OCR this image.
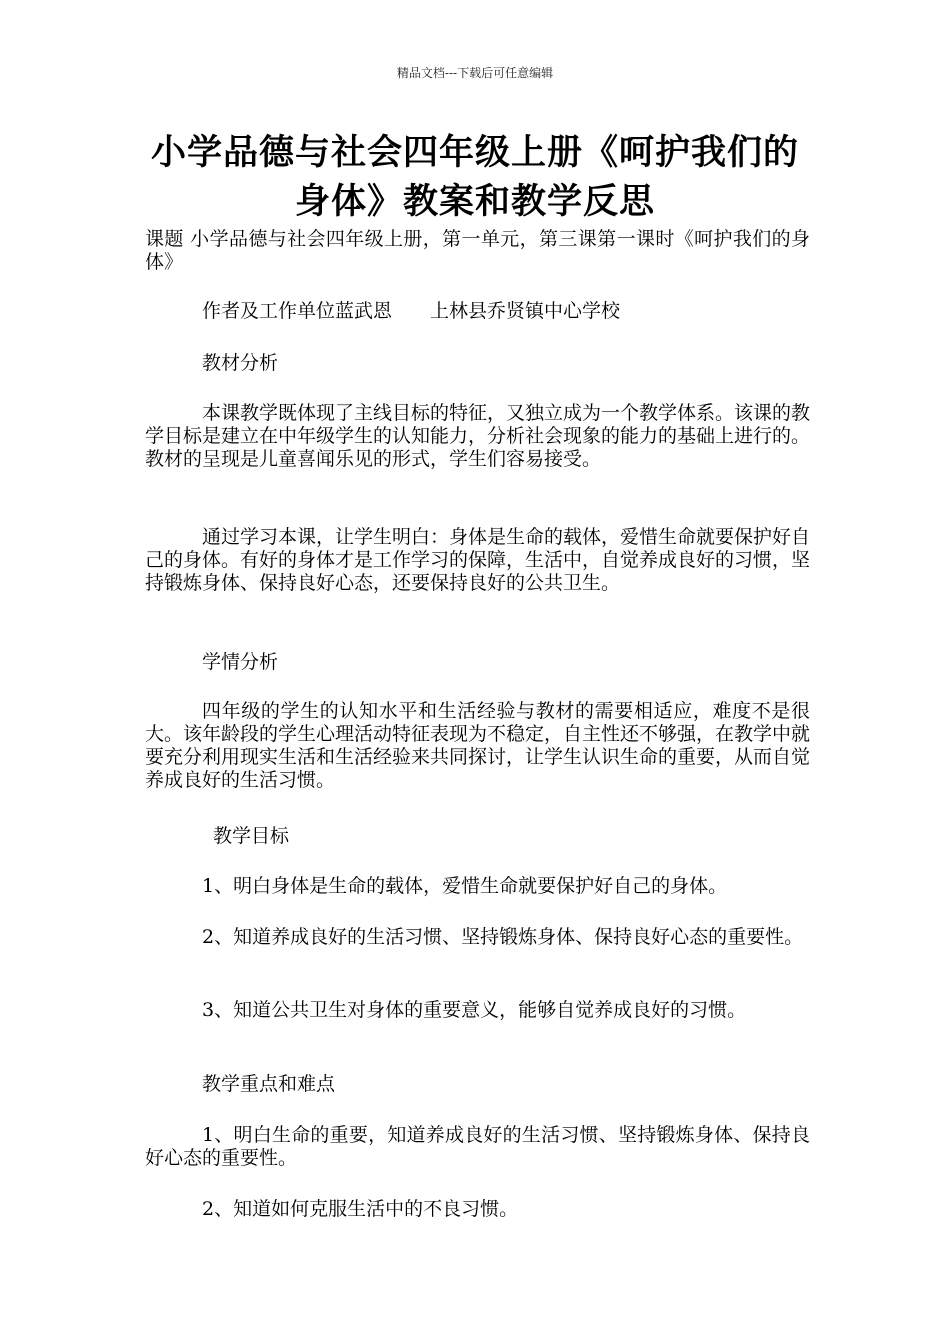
精品文档---下载后可任意编辑
小学品德与社会四年级上册《呵护我们的身体》教案和教学反思
课题 小学品德与社会四年级上册，第一单元，第三课第一课时《呵护我们的身体》
作者及工作单位蓝武恩　　上林县乔贤镇中心学校
教材分析
本课教学既体现了主线目标的特征，又独立成为一个教学体系。该课的教学目标是建立在中年级学生的认知能力，分析社会现象的能力的基础上进行的。教材的呈现是儿童喜闻乐见的形式，学生们容易接受。
通过学习本课，让学生明白：身体是生命的载体，爱惜生命就要保护好自己的身体。有好的身体才是工作学习的保障，生活中，自觉养成良好的习惯，坚持锻炼身体、保持良好心态，还要保持良好的公共卫生。
学情分析
四年级的学生的认知水平和生活经验与教材的需要相适应，难度不是很大。该年龄段的学生心理活动特征表现为不稳定，自主性还不够强，在教学中就要充分利用现实生活和生活经验来共同探讨，让学生认识生命的重要，从而自觉养成良好的生活习惯。
教学目标
1、明白身体是生命的载体，爱惜生命就要保护好自己的身体。
2、知道养成良好的生活习惯、坚持锻炼身体、保持良好心态的重要性。
3、知道公共卫生对身体的重要意义，能够自觉养成良好的习惯。
教学重点和难点
1、明白生命的重要，知道养成良好的生活习惯、坚持锻炼身体、保持良好心态的重要性。
2、知道如何克服生活中的不良习惯。
